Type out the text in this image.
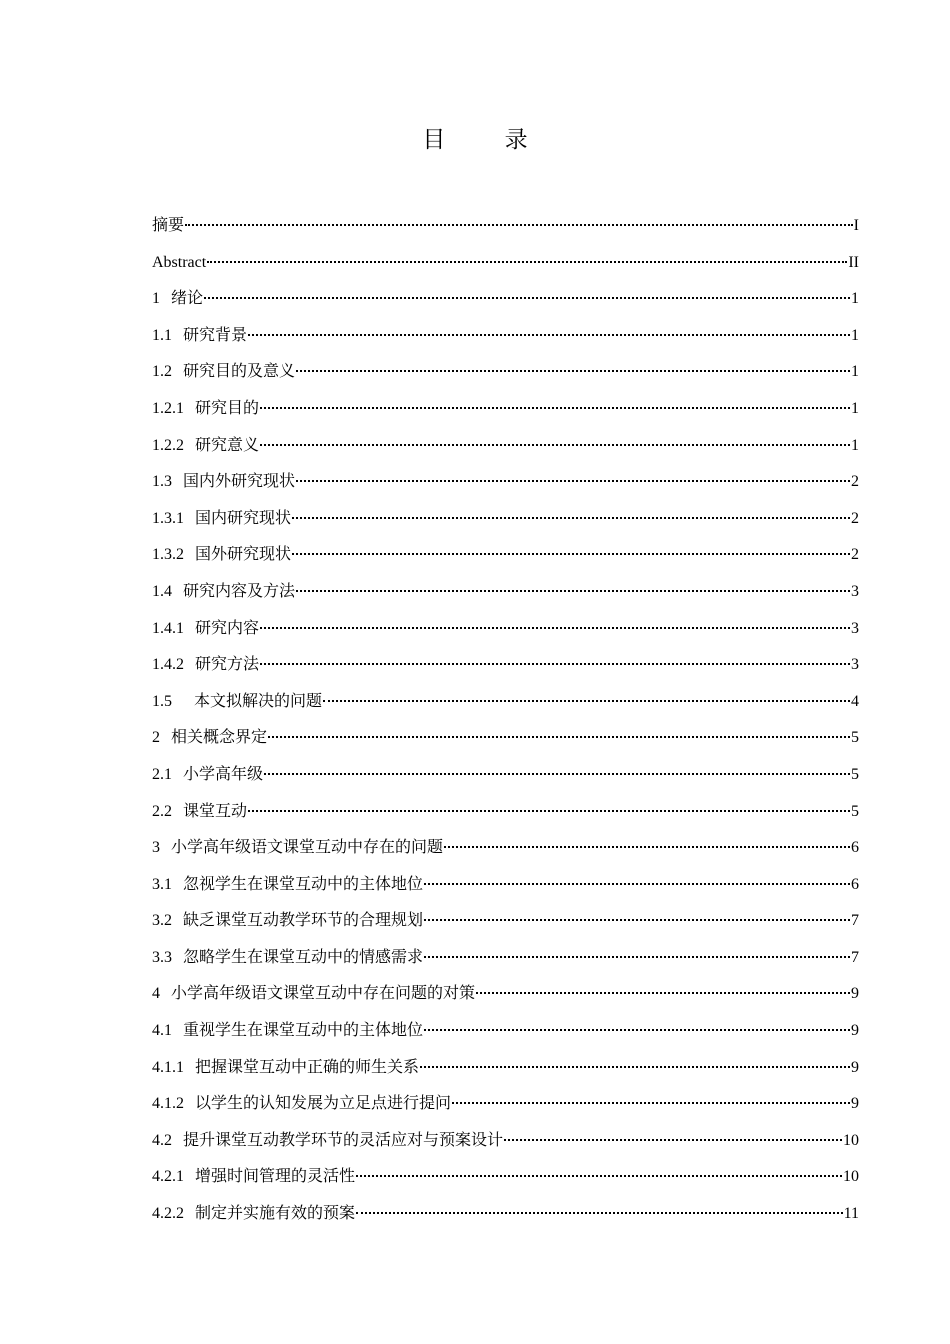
目 录
摘要	I
Abstract	II
1 绪论	1
1.1 研究背景	1
1.2 研究目的及意义	1
1.2.1 研究目的	1
1.2.2 研究意义	1
1.3 国内外研究现状	2
1.3.1 国内研究现状	2
1.3.2 国外研究现状	2
1.4 研究内容及方法	3
1.4.1 研究内容	3
1.4.2 研究方法	3
1.5 本文拟解决的问题	4
2 相关概念界定	5
2.1 小学高年级	5
2.2 课堂互动	5
3 小学高年级语文课堂互动中存在的问题	6
3.1 忽视学生在课堂互动中的主体地位	6
3.2 缺乏课堂互动教学环节的合理规划	7
3.3 忽略学生在课堂互动中的情感需求	7
4 小学高年级语文课堂互动中存在问题的对策	9
4.1 重视学生在课堂互动中的主体地位	9
4.1.1 把握课堂互动中正确的师生关系	9
4.1.2 以学生的认知发展为立足点进行提问	9
4.2 提升课堂互动教学环节的灵活应对与预案设计	10
4.2.1 增强时间管理的灵活性	10
4.2.2 制定并实施有效的预案	11
